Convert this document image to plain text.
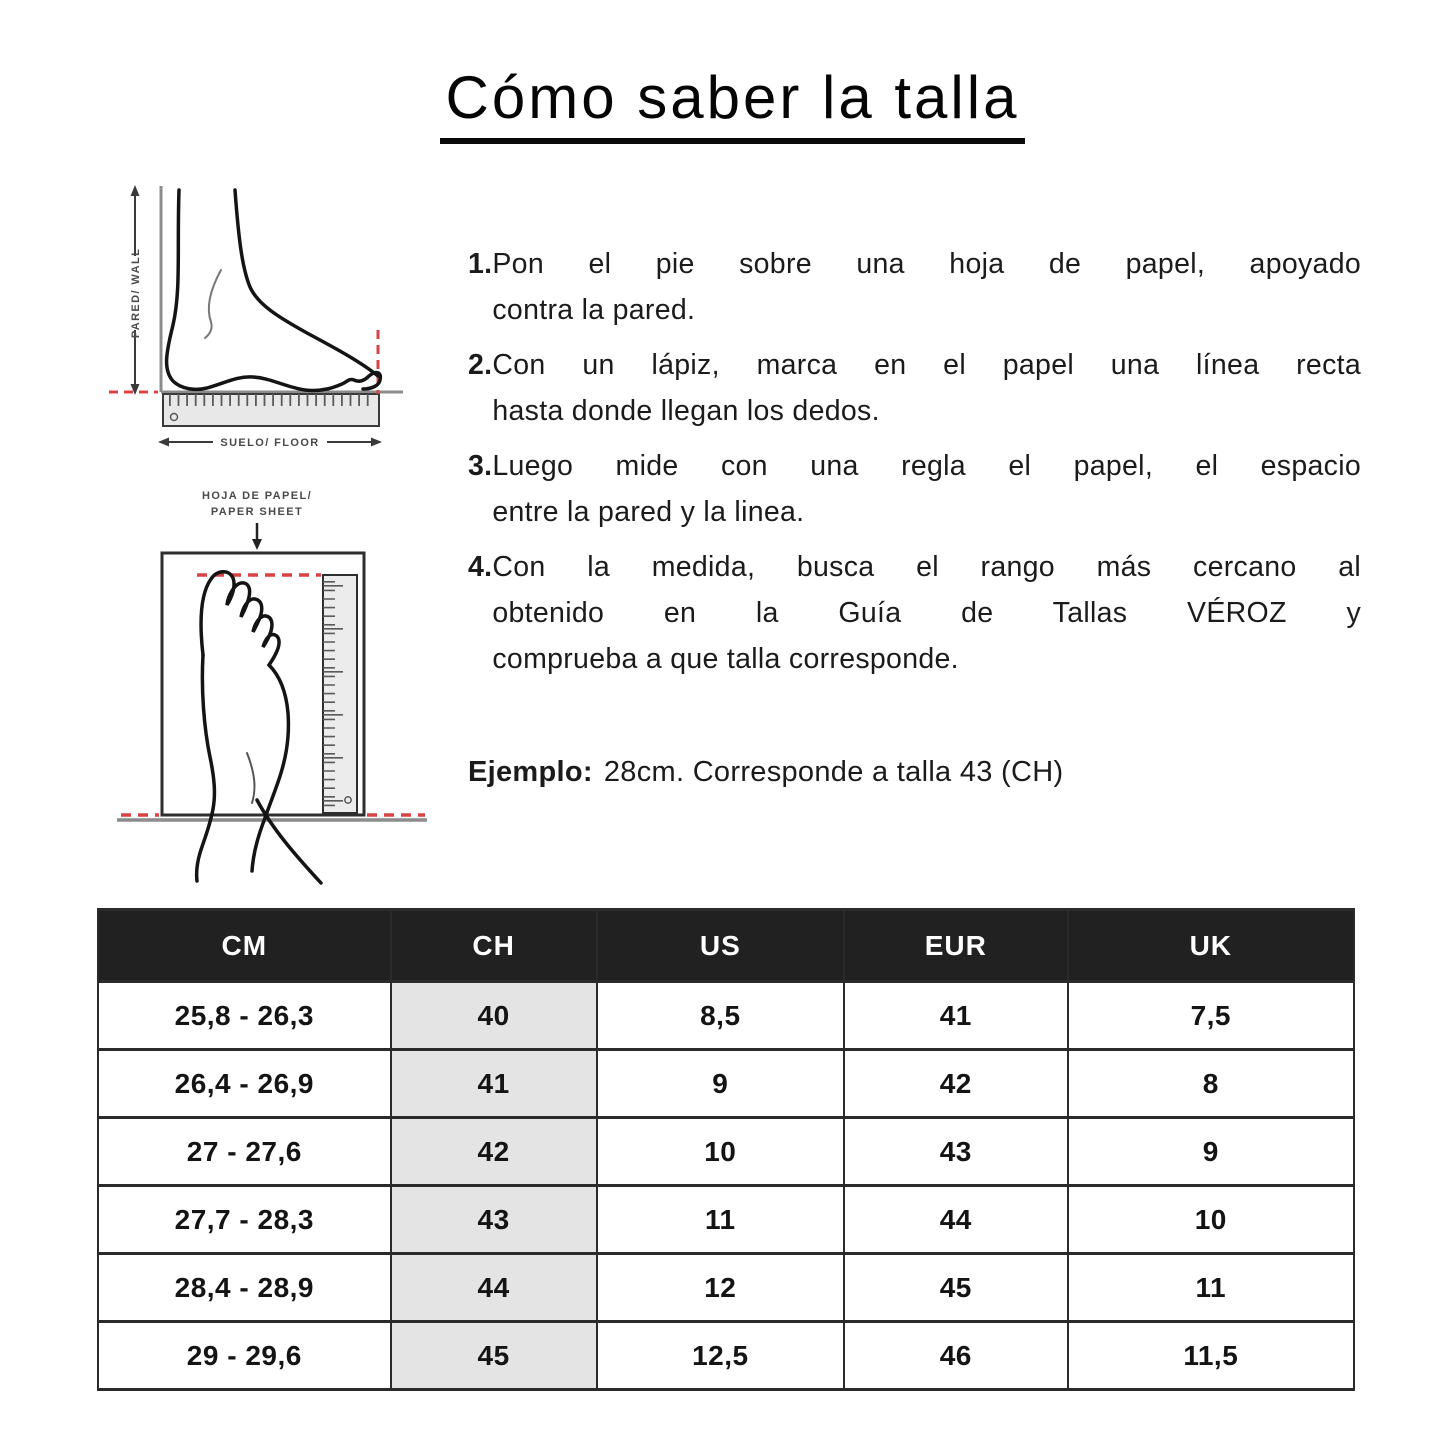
Cómo saber la talla
PARED/ WALL
SUELO/ FLOOR
HOJA DE PAPEL/
PAPER SHEET
1. Pon el pie sobre una hoja de papel, apoyado
contra la pared.
2. Con un lápiz, marca en el papel una línea recta
hasta donde llegan los dedos.
3. Luego mide con una regla el papel, el espacio
entre la pared y la linea.
4. Con la medida, busca el rango más cercano al
obtenido en la Guía de Tallas VÉROZ y
comprueba a que talla corresponde.
Ejemplo: 28cm. Corresponde a talla 43 (CH)
CM	CH	US	EUR	UK
25,8 - 26,3	40	8,5	41	7,5
26,4 - 26,9	41	9	42	8
27 - 27,6	42	10	43	9
27,7 - 28,3	43	11	44	10
28,4 - 28,9	44	12	45	11
29 - 29,6	45	12,5	46	11,5
